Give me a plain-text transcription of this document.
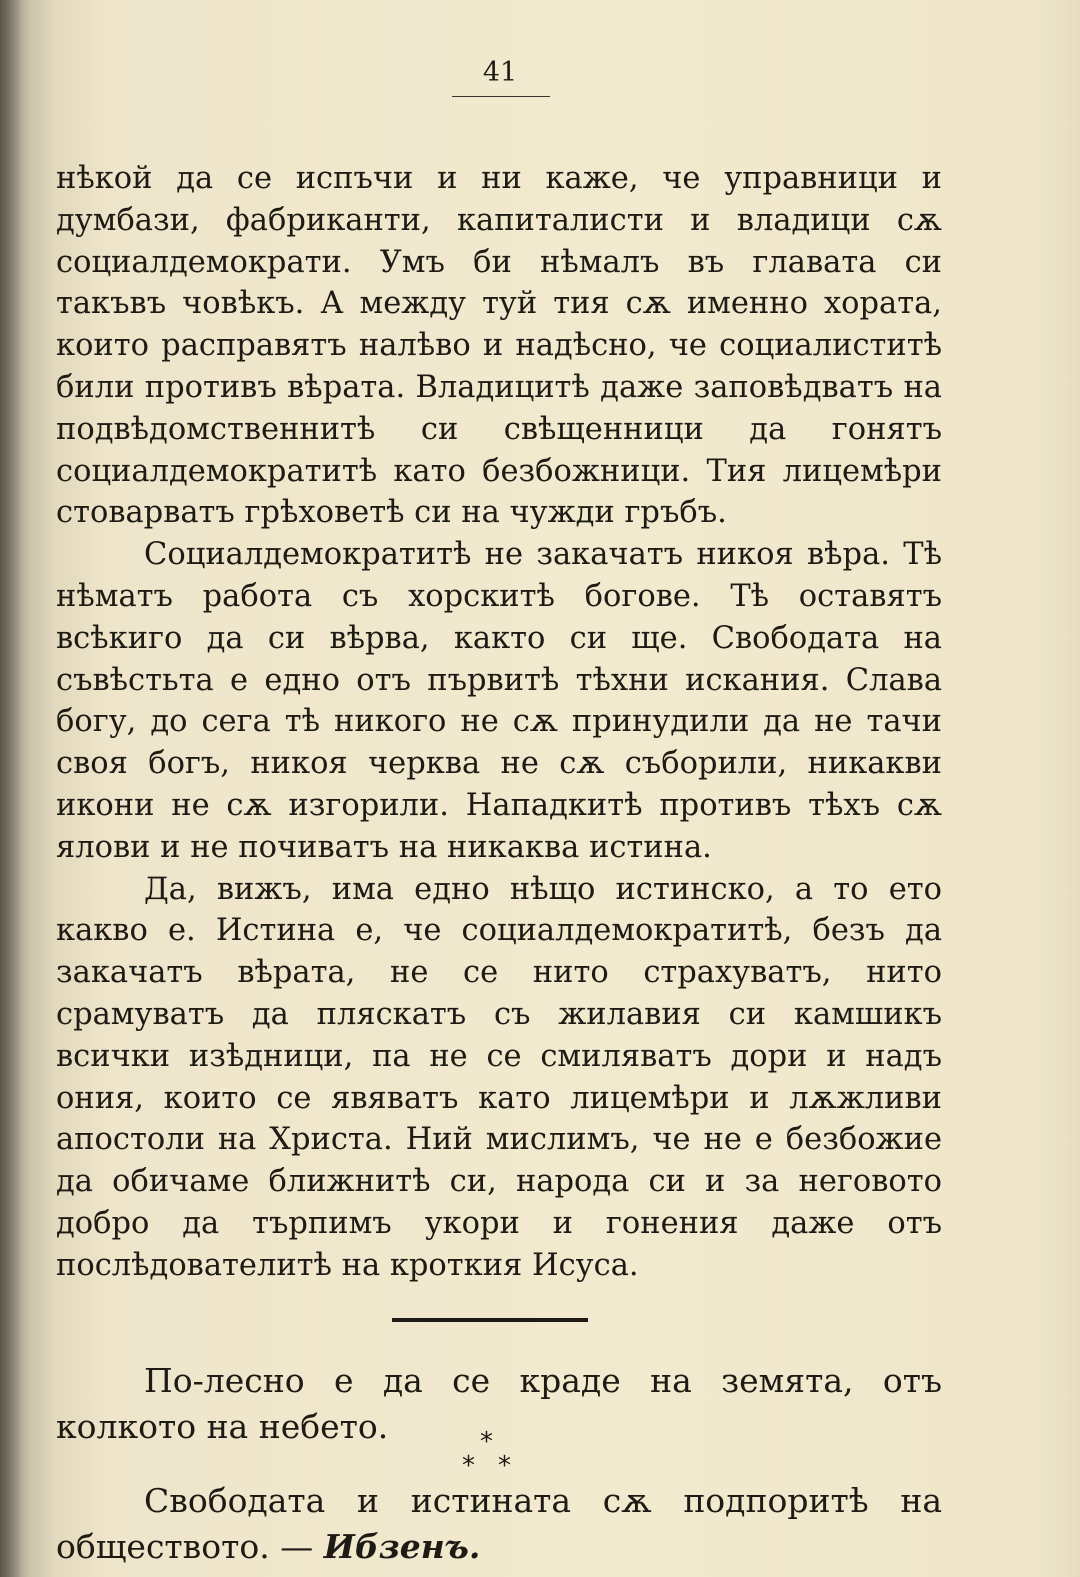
41

нѣкой да се испъчи и ни каже, че управници и думбази, фабриканти, капиталисти и владици сѫ социалдемократи. Умъ би нѣмалъ въ главата си такъвъ човѣкъ. А между туй тия сѫ именно хората, които расправятъ налѣво и надѣсно, че социалиститѣ били противъ вѣрата. Владицитѣ даже заповѣдватъ на подвѣдомственнитѣ си свѣщенници да гонятъ социалдемократитѣ като безбожници. Тия лицемѣри стоварватъ грѣховетѣ си на чужди гръбъ.

Социалдемократитѣ не закачатъ никоя вѣра. Тѣ нѣматъ работа съ хорскитѣ богове. Тѣ оставятъ всѣкиго да си вѣрва, както си ще. Свободата на съвѣстьта е едно отъ първитѣ тѣхни искания. Слава богу, до сега тѣ никого не сѫ принудили да не тачи своя богъ, никоя черква не сѫ съборили, никакви икони не сѫ изгорили. Нападкитѣ противъ тѣхъ сѫ ялови и не почиватъ на никаква истина.

Да, вижъ, има едно нѣщо истинско, а то ето какво е. Истина е, че социалдемократитѣ, безъ да закачатъ вѣрата, не се нито страхуватъ, нито срамуватъ да пляскатъ съ жилавия си камшикъ всички изѣдници, па не се смиляватъ дори и надъ ония, които се явяватъ като лицемѣри и лѫжливи апостоли на Христа. Ний мислимъ, че не е безбожие да обичаме ближнитѣ си, народа си и за неговото добро да търпимъ укори и гонения даже отъ послѣдователитѣ на кроткия Исуса.

По-лесно е да се краде на земята, отъ колкото на небето.	*
* *

Свободата и истината сѫ подпоритѣ на обществото. — Ибзенъ.
